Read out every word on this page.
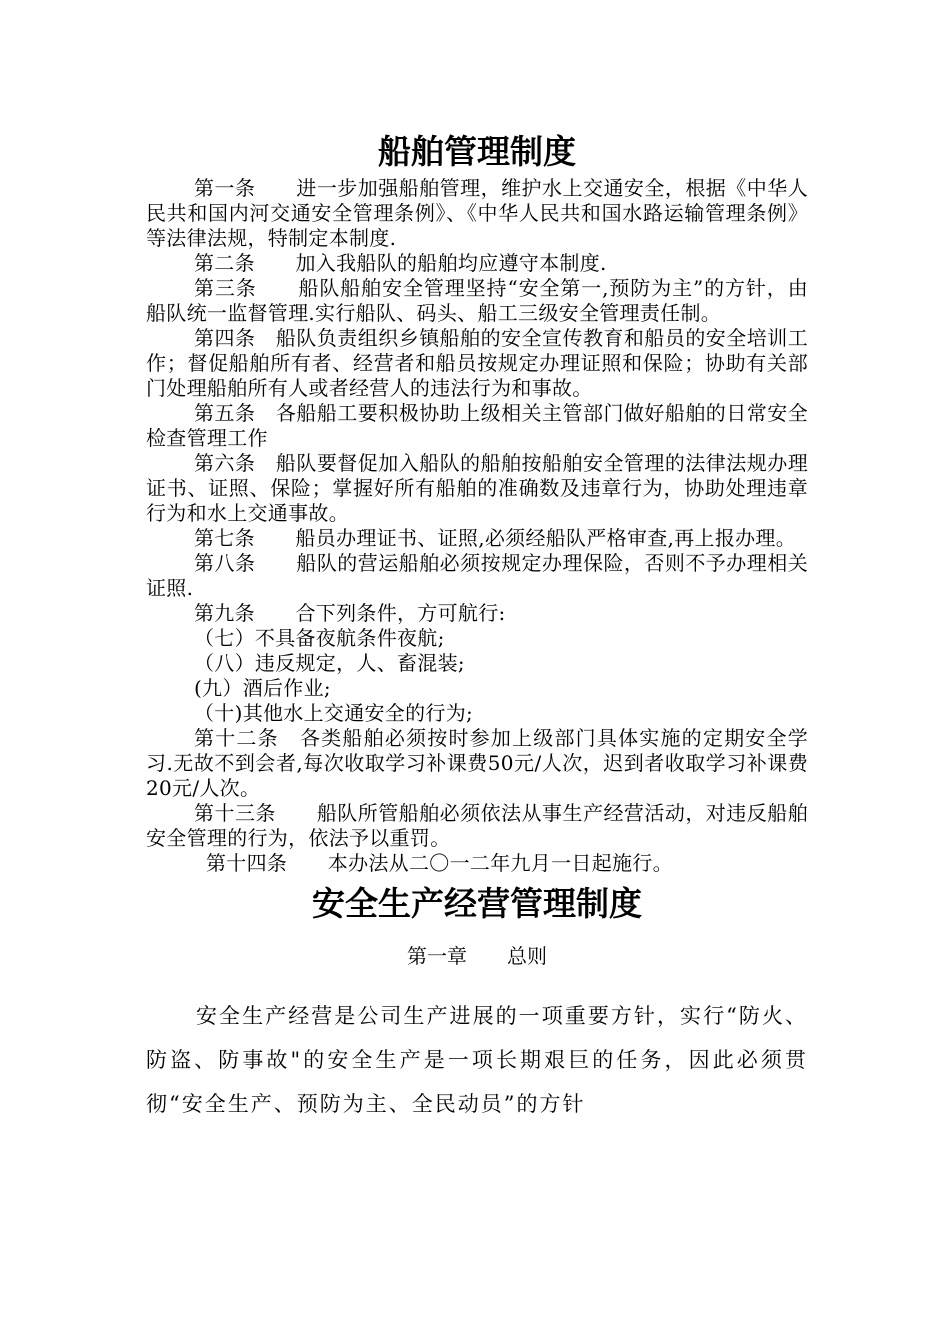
船舶管理制度

第一条　　进一步加强船舶管理，维护水上交通安全，根据《中华人民共和国内河交通安全管理条例》、《中华人民共和国水路运输管理条例》等法律法规，特制定本制度.

第二条　　加入我船队的船舶均应遵守本制度.

第三条　　船队船舶安全管理坚持“安全第一,预防为主”的方针，由船队统一监督管理.实行船队、码头、船工三级安全管理责任制。

第四条　船队负责组织乡镇船舶的安全宣传教育和船员的安全培训工作；督促船舶所有者、经营者和船员按规定办理证照和保险；协助有关部门处理船舶所有人或者经营人的违法行为和事故。

第五条　各船船工要积极协助上级相关主管部门做好船舶的日常安全检查管理工作

第六条　船队要督促加入船队的船舶按船舶安全管理的法律法规办理证书、证照、保险；掌握好所有船舶的准确数及违章行为，协助处理违章行为和水上交通事故。

第七条　　船员办理证书、证照,必须经船队严格审查,再上报办理。

第八条　　船队的营运船舶必须按规定办理保险，否则不予办理相关证照.

第九条　　合下列条件，方可航行:

（七）不具备夜航条件夜航;

（八）违反规定，人、畜混装;

(九）酒后作业;

（十)其他水上交通安全的行为;

第十二条　各类船舶必须按时参加上级部门具体实施的定期安全学习.无故不到会者,每次收取学习补课费50元/人次，迟到者收取学习补课费20元/人次。

第十三条　　船队所管船舶必须依法从事生产经营活动，对违反船舶安全管理的行为，依法予以重罚。

第十四条　　本办法从二〇一二年九月一日起施行。

安全生产经营管理制度

第一章　　总则

安全生产经营是公司生产进展的一项重要方针，实行“防火、防盗、防事故"的安全生产是一项长期艰巨的任务，因此必须贯彻“安全生产、预防为主、全民动员”的方针
